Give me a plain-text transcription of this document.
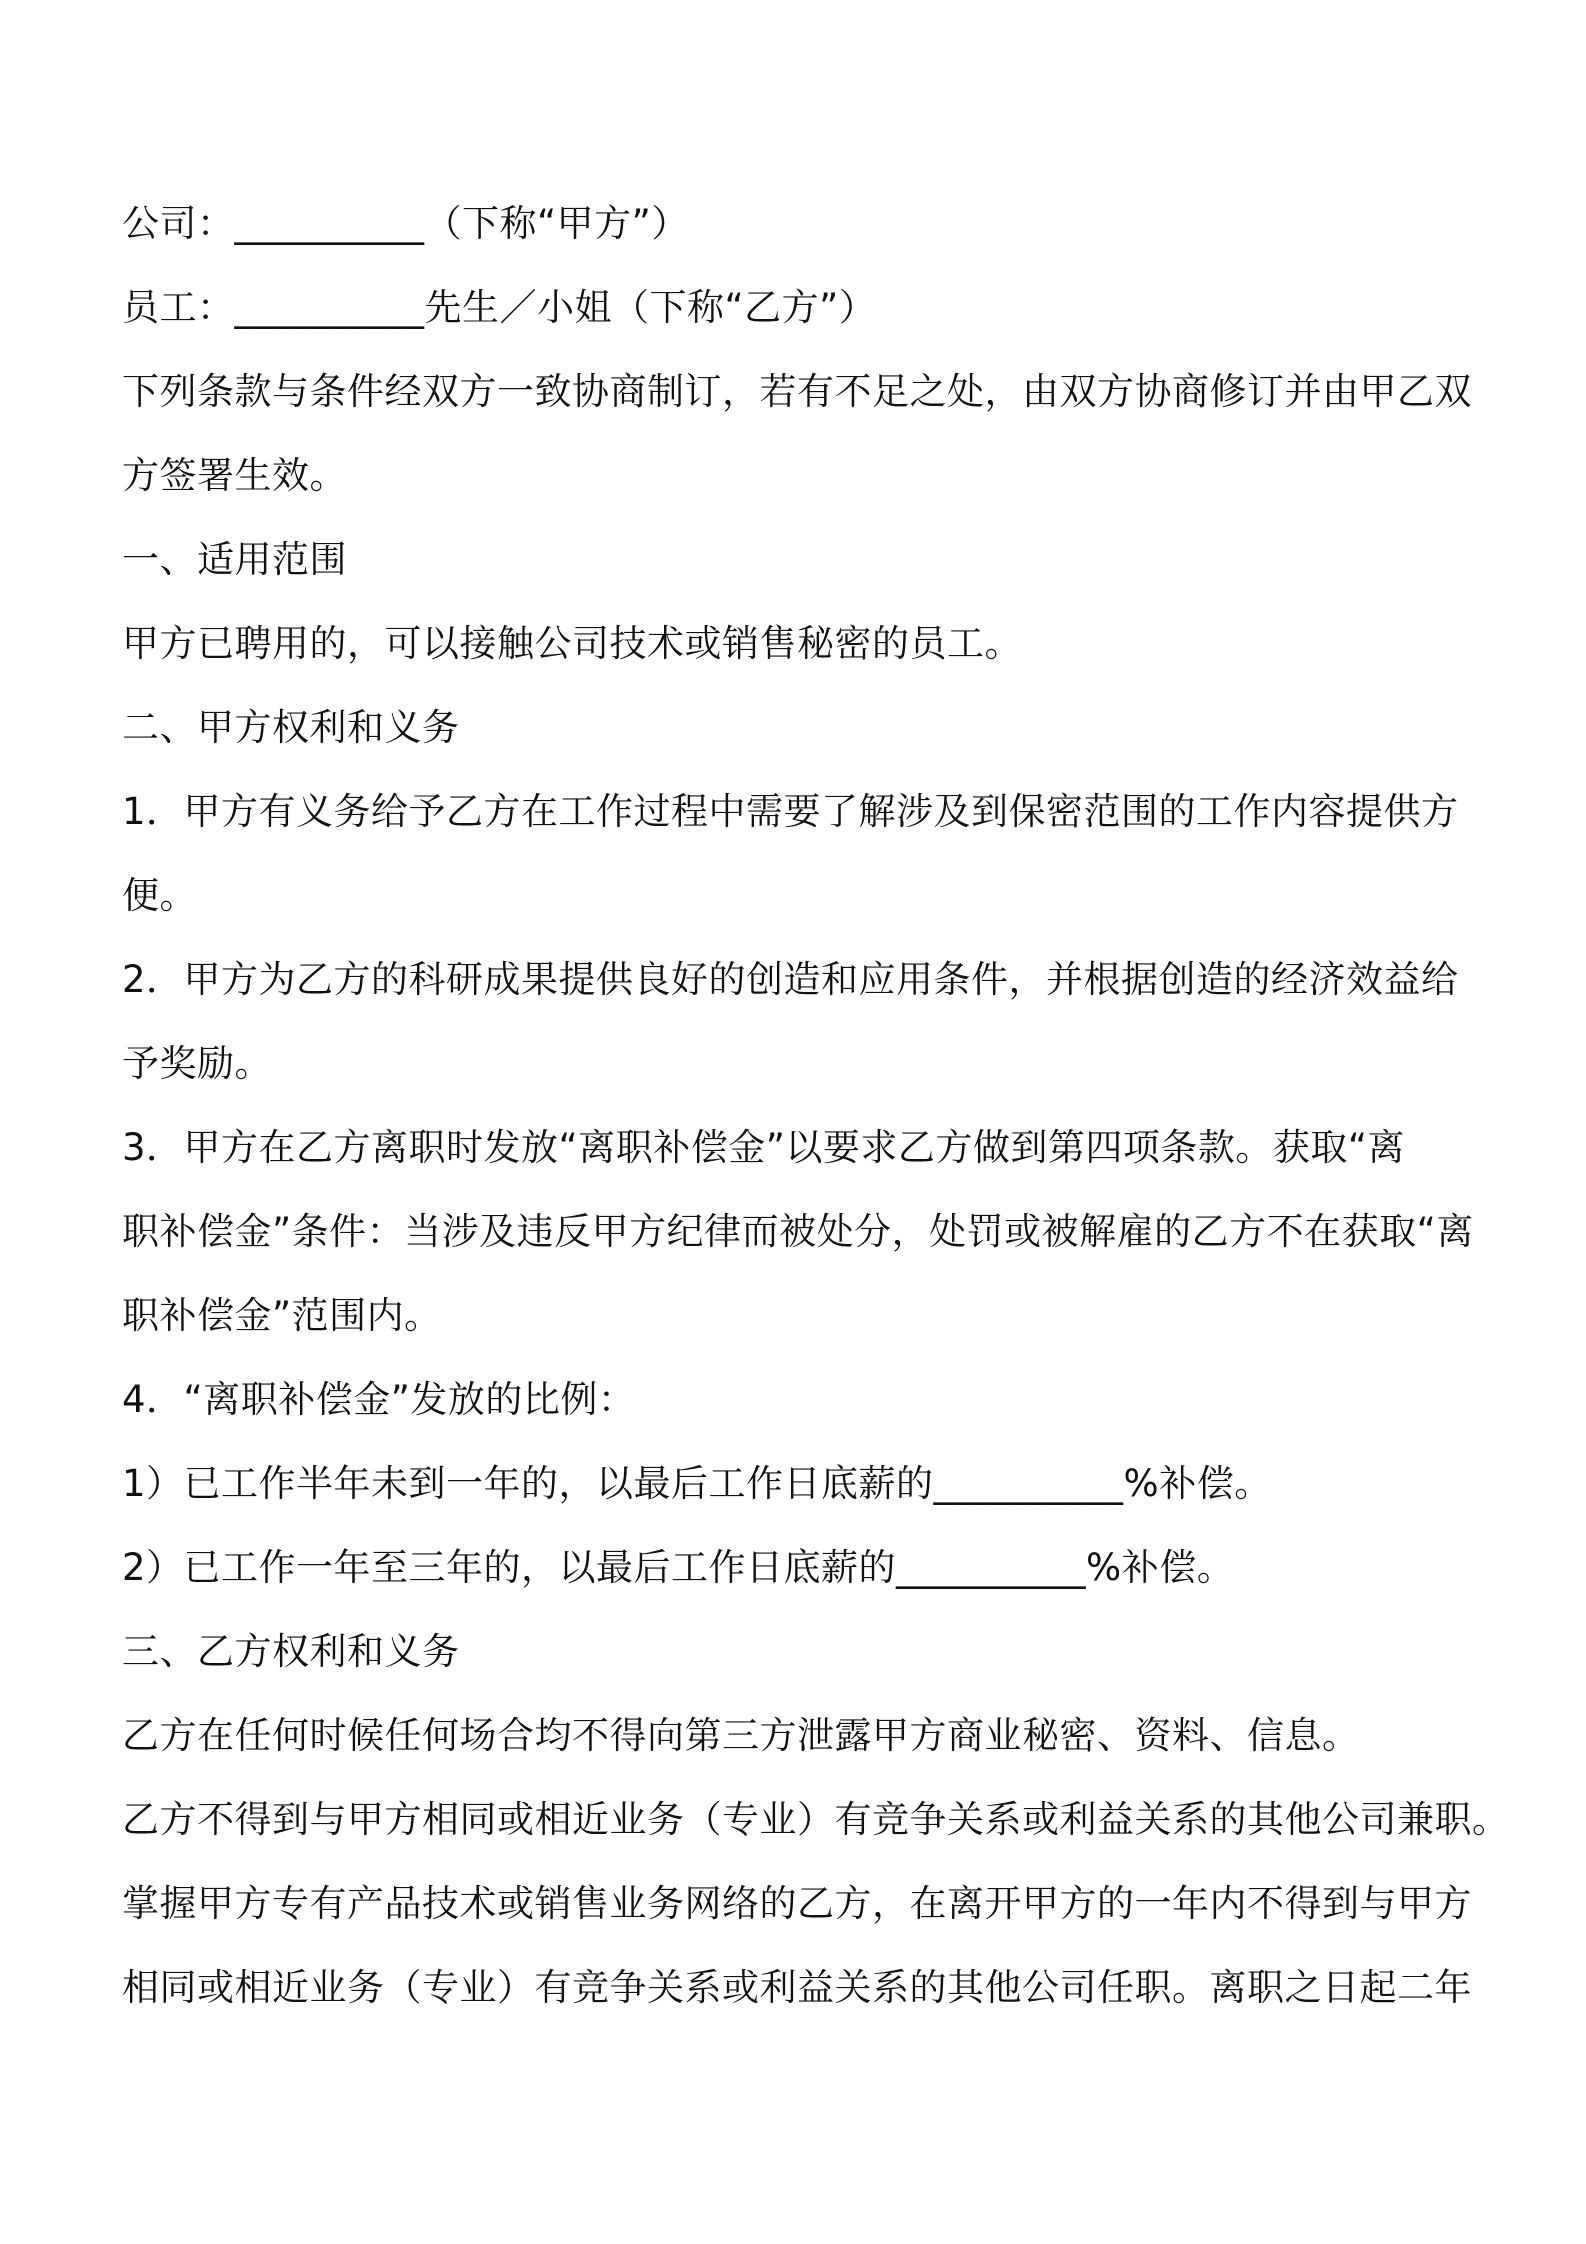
公司：__________（下称“甲方”）
员工：__________先生／小姐（下称“乙方”）
下列条款与条件经双方一致协商制订，若有不足之处，由双方协商修订并由甲乙双
方签署生效。
一、适用范围
甲方已聘用的，可以接触公司技术或销售秘密的员工。
二、甲方权利和义务
1．甲方有义务给予乙方在工作过程中需要了解涉及到保密范围的工作内容提供方
便。
2．甲方为乙方的科研成果提供良好的创造和应用条件，并根据创造的经济效益给
予奖励。
3．甲方在乙方离职时发放“离职补偿金”以要求乙方做到第四项条款。获取“离
职补偿金”条件：当涉及违反甲方纪律而被处分，处罚或被解雇的乙方不在获取“离
职补偿金”范围内。
4．“离职补偿金”发放的比例：
1）已工作半年未到一年的，以最后工作日底薪的__________%补偿。
2）已工作一年至三年的，以最后工作日底薪的__________%补偿。
三、乙方权利和义务
乙方在任何时候任何场合均不得向第三方泄露甲方商业秘密、资料、信息。
乙方不得到与甲方相同或相近业务（专业）有竞争关系或利益关系的其他公司兼职。
掌握甲方专有产品技术或销售业务网络的乙方，在离开甲方的一年内不得到与甲方
相同或相近业务（专业）有竞争关系或利益关系的其他公司任职。离职之日起二年
